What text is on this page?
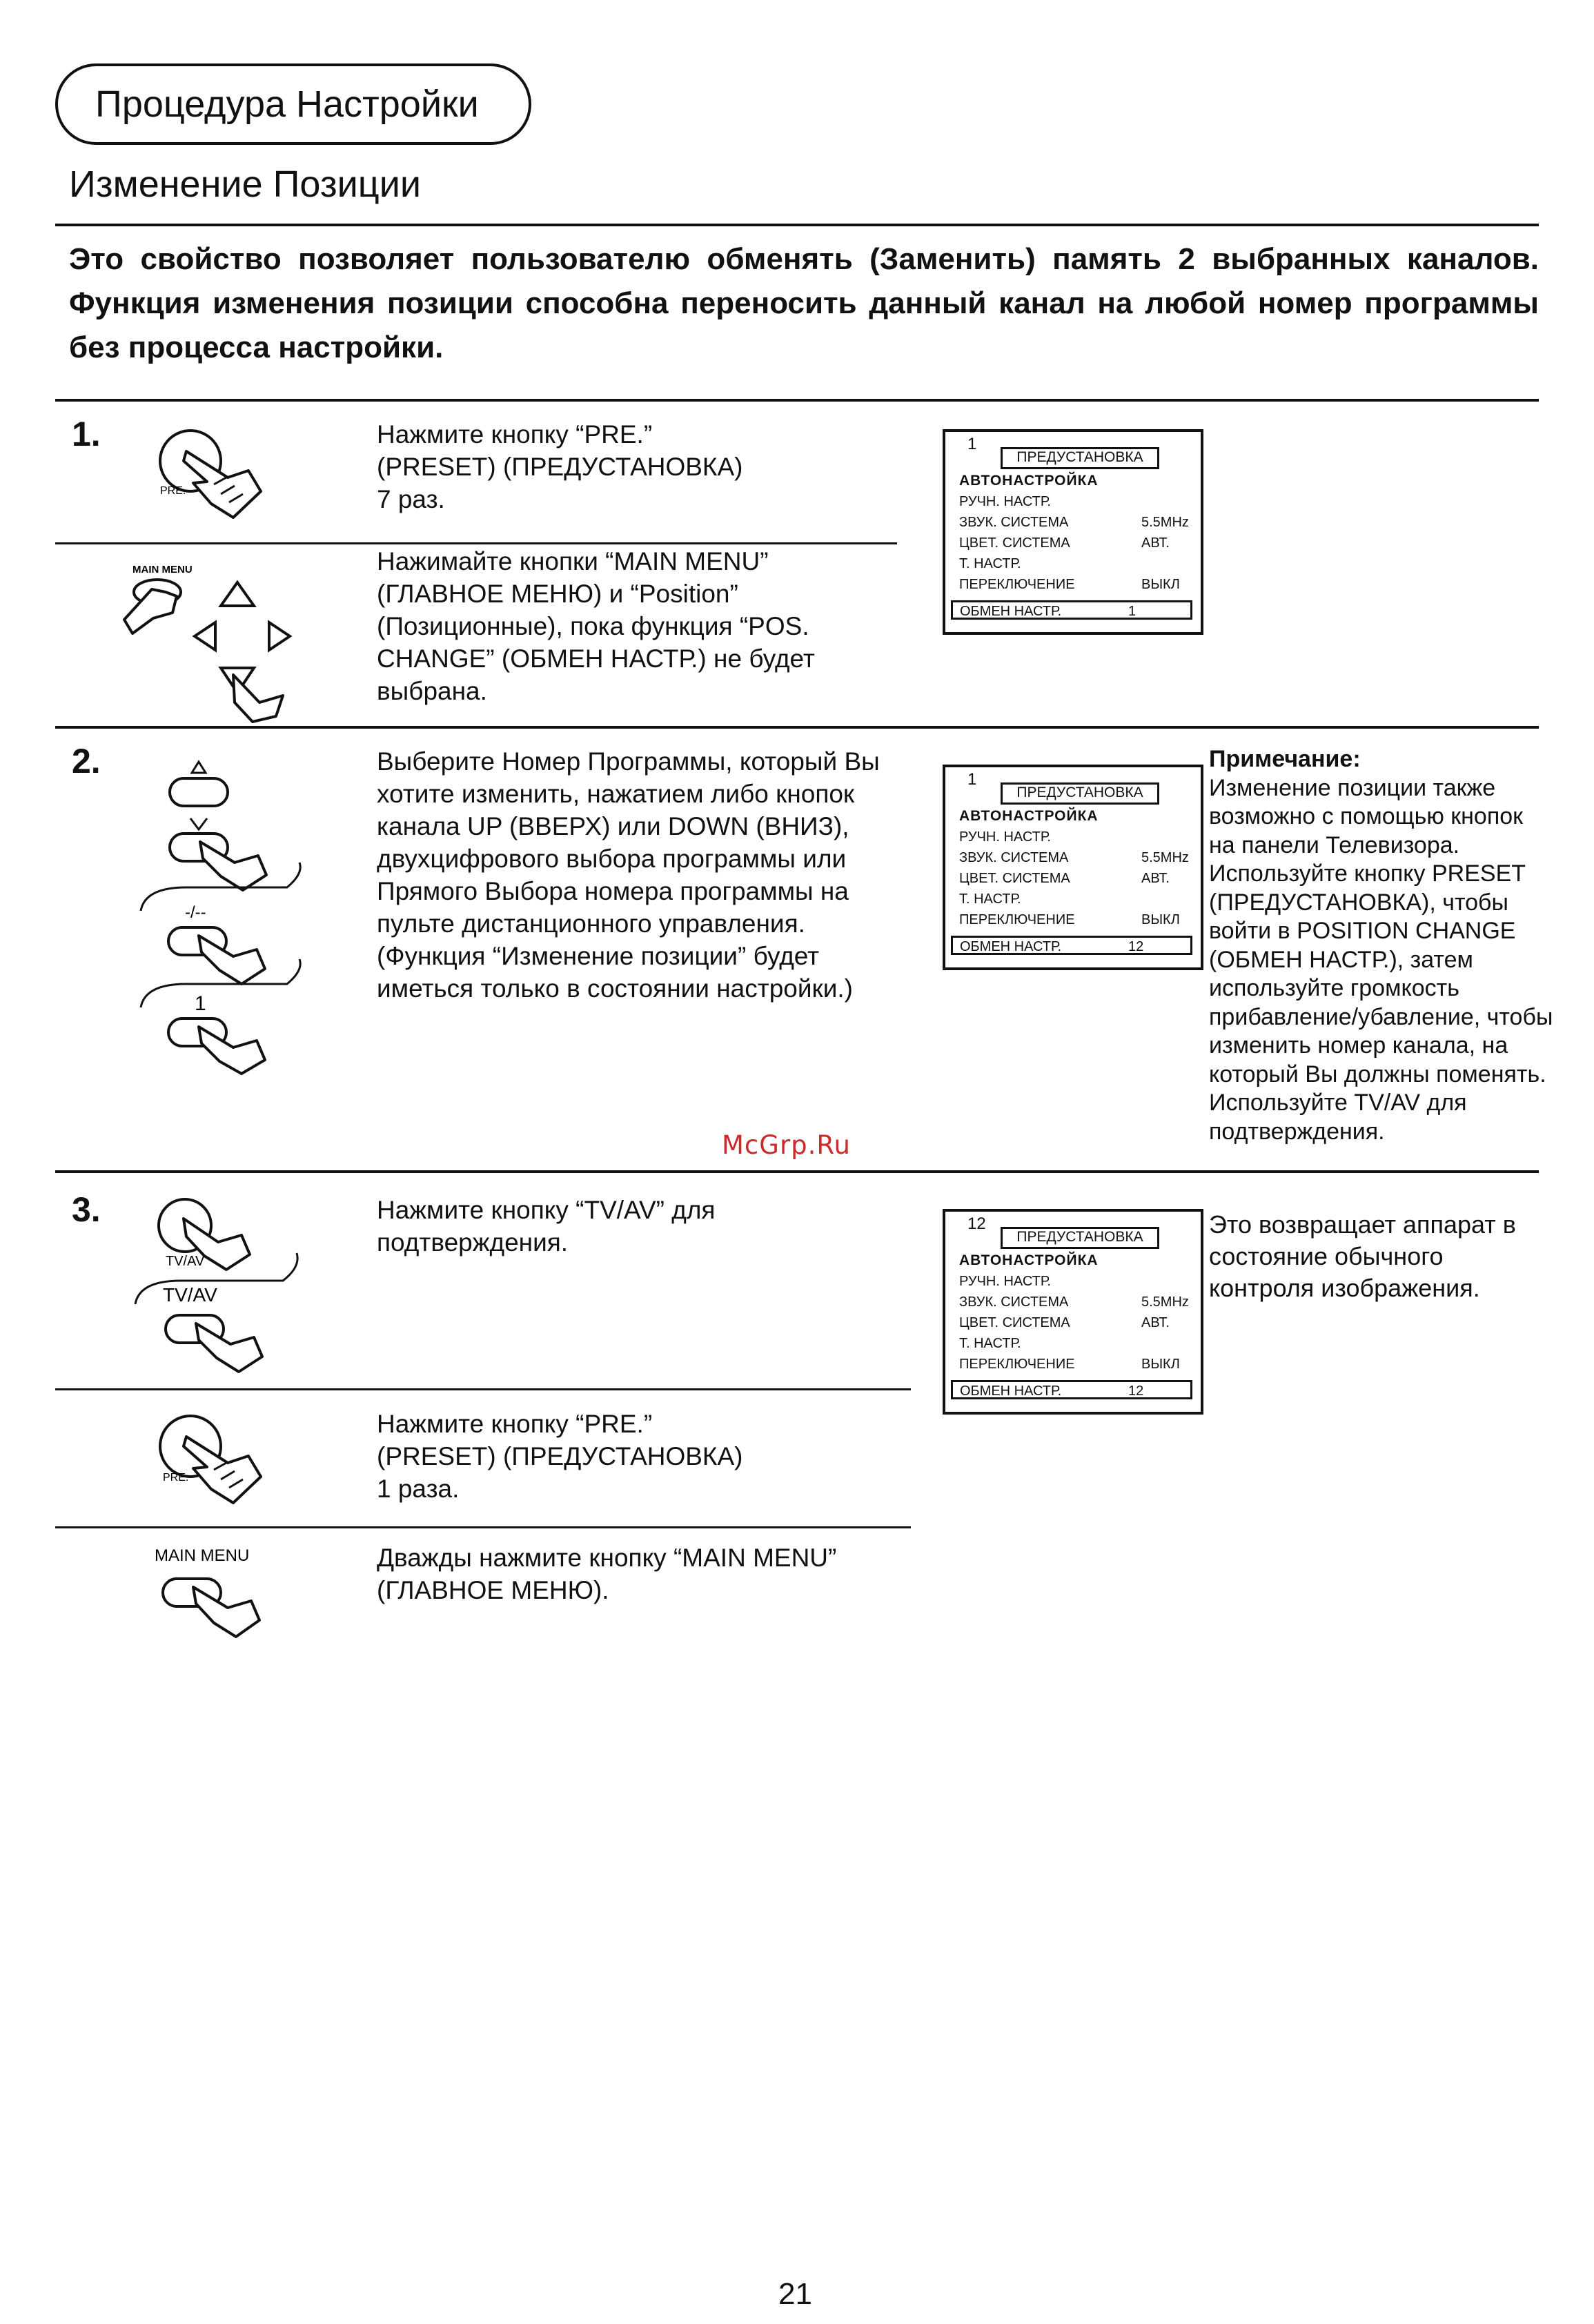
Процедура Настройки
Изменение Позиции
Это свойство позволяет пользователю обменять (Заменить) память 2 выбранных каналов. Функция изменения позиции способна переносить данный канал на любой номер программы без процесса настройки.
1.
PRE.
Нажмите кнопку “PRE.” (PRESET) (ПРЕДУСТАНОВКА) 7 раз.
MAIN MENU	Нажимайте кнопки “MAIN MENU” (ГЛАВНОЕ МЕНЮ) и “Position” (Позиционные), пока функция “POS. CHANGE” (ОБМЕН НАСТР.) не будет выбрана.
1
ПРЕДУСТАНОВКА
АВТОНАСТРОЙКА
РУЧН. НАСТР.
ЗВУК. СИСТЕМА	5.5MHz
ЦВЕТ. СИСТЕМА	АВТ.
Т. НАСТР.
ПЕРЕКЛЮЧЕНИЕ	ВЫКЛ
ОБМЕН НАСТР.	1
2.
-/--
1
Выберите Номер Программы, который Вы хотите изменить, нажатием либо кнопок канала UP (ВВЕРХ) или DOWN (ВНИЗ), двухцифрового выбора программы или Прямого Выбора номера программы на пульте дистанционного управления. (Функция “Изменение позиции” будет иметься только в состоянии настройки.)
1
ПРЕДУСТАНОВКА
АВТОНАСТРОЙКА
РУЧН. НАСТР.
ЗВУК. СИСТЕМА	5.5MHz
ЦВЕТ. СИСТЕМА	АВТ.
Т. НАСТР.
ПЕРЕКЛЮЧЕНИЕ	ВЫКЛ
ОБМЕН НАСТР.	12
Примечание:
Изменение позиции также возможно с помощью кнопок на панели Телевизора. Используйте кнопку PRESET (ПРЕДУСТАНОВКА), чтобы войти в POSITION CHANGE (ОБМЕН НАСТР.), затем используйте громкость прибавление/убавление, чтобы изменить номер канала, на который Вы должны поменять. Используйте TV/AV для подтверждения.
McGrp.Ru
3.
TV/AV
TV/AV
Нажмите кнопку “TV/AV” для подтверждения.
12
ПРЕДУСТАНОВКА
АВТОНАСТРОЙКА
РУЧН. НАСТР.
ЗВУК. СИСТЕМА	5.5MHz
ЦВЕТ. СИСТЕМА	АВТ.
Т. НАСТР.
ПЕРЕКЛЮЧЕНИЕ	ВЫКЛ
ОБМЕН НАСТР.	12
Это возвращает аппарат в состояние обычного контроля изображения.
PRE.
Нажмите кнопку “PRE.” (PRESET) (ПРЕДУСТАНОВКА) 1 раза.
MAIN MENU	Дважды нажмите кнопку “MAIN MENU” (ГЛАВНОЕ МЕНЮ).
21
